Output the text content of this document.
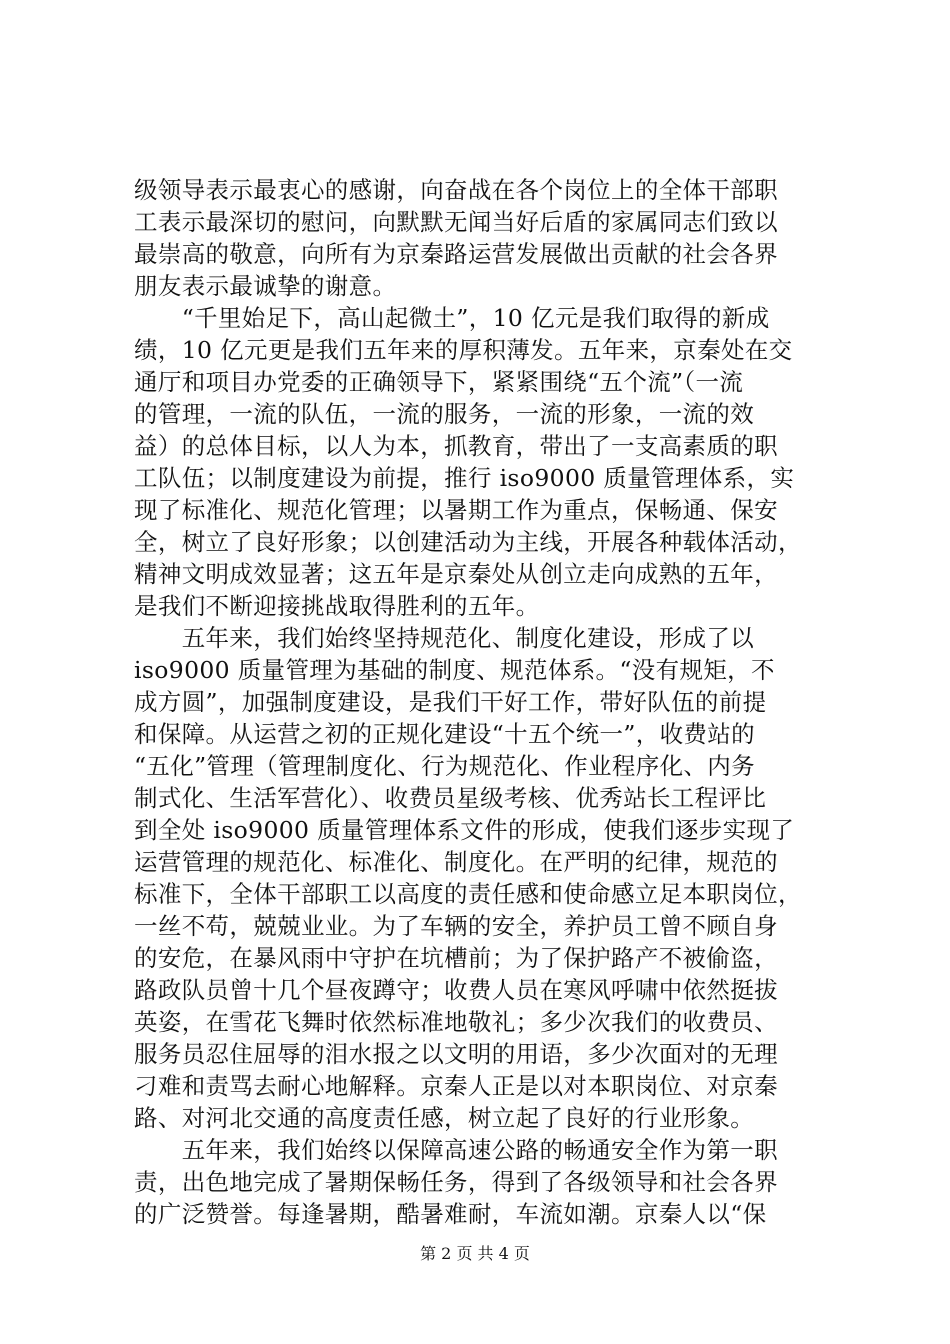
级领导表示最衷心的感谢，向奋战在各个岗位上的全体干部职
工表示最深切的慰问，向默默无闻当好后盾的家属同志们致以
最崇高的敬意，向所有为京秦路运营发展做出贡献的社会各界
朋友表示最诚挚的谢意。
　　“千里始足下，高山起微土”，10 亿元是我们取得的新成
绩，10 亿元更是我们五年来的厚积薄发。五年来，京秦处在交
通厅和项目办党委的正确领导下，紧紧围绕“五个流”（一流
的管理，一流的队伍，一流的服务，一流的形象，一流的效
益）的总体目标，以人为本，抓教育，带出了一支高素质的职
工队伍；以制度建设为前提，推行 iso9000 质量管理体系，实
现了标准化、规范化管理；以暑期工作为重点，保畅通、保安
全，树立了良好形象；以创建活动为主线，开展各种载体活动，
精神文明成效显著；这五年是京秦处从创立走向成熟的五年，
是我们不断迎接挑战取得胜利的五年。
　　五年来，我们始终坚持规范化、制度化建设，形成了以
iso9000 质量管理为基础的制度、规范体系。“没有规矩，不
成方圆”，加强制度建设，是我们干好工作，带好队伍的前提
和保障。从运营之初的正规化建设“十五个统一”，收费站的
“五化”管理（管理制度化、行为规范化、作业程序化、内务
制式化、生活军营化）、收费员星级考核、优秀站长工程评比
到全处 iso9000 质量管理体系文件的形成，使我们逐步实现了
运营管理的规范化、标准化、制度化。在严明的纪律，规范的
标准下，全体干部职工以高度的责任感和使命感立足本职岗位，
一丝不苟，兢兢业业。为了车辆的安全，养护员工曾不顾自身
的安危，在暴风雨中守护在坑槽前；为了保护路产不被偷盗，
路政队员曾十几个昼夜蹲守；收费人员在寒风呼啸中依然挺拔
英姿，在雪花飞舞时依然标准地敬礼；多少次我们的收费员、
服务员忍住屈辱的泪水报之以文明的用语，多少次面对的无理
刁难和责骂去耐心地解释。京秦人正是以对本职岗位、对京秦
路、对河北交通的高度责任感，树立起了良好的行业形象。
　　五年来，我们始终以保障高速公路的畅通安全作为第一职
责，出色地完成了暑期保畅任务，得到了各级领导和社会各界
的广泛赞誉。每逢暑期，酷暑难耐，车流如潮。京秦人以“保
第 2 页 共 4 页
